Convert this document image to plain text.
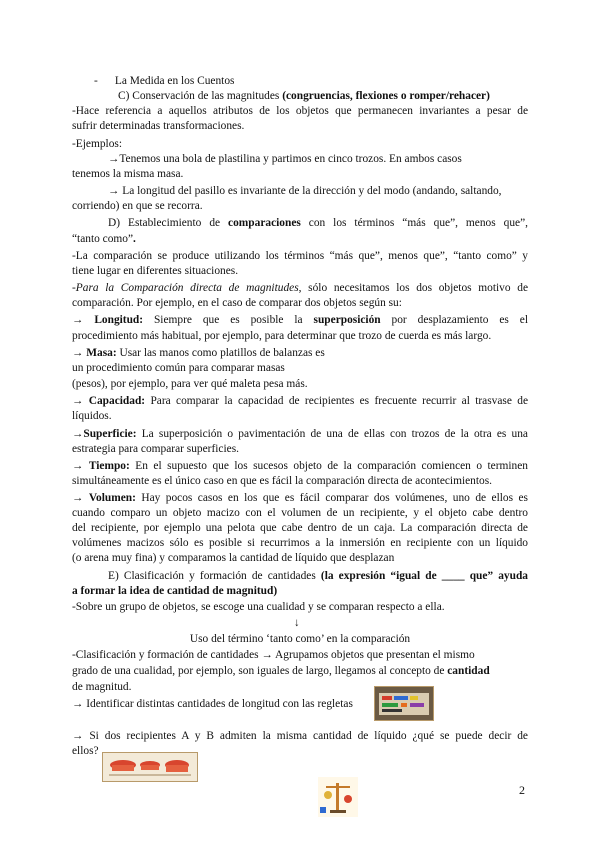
- La Medida en los Cuentos
C) Conservación de las magnitudes (congruencias, flexiones o romper/rehacer)
-Hace referencia a aquellos atributos de los objetos que permanecen invariantes a pesar de
sufrir determinadas transformaciones.
-Ejemplos:
→Tenemos una bola de plastilina y partimos en cinco trozos. En ambos casos
tenemos la misma masa.
→ La longitud del pasillo es invariante de la dirección y del modo (andando, saltando,
corriendo) en que se recorra.
D) Establecimiento de comparaciones con los términos “más que”, menos que”,
“tanto como”.
-La comparación se produce utilizando los términos “más que”, menos que”, “tanto como” y
tiene lugar en diferentes situaciones.
-Para la Comparación directa de magnitudes, sólo necesitamos los dos objetos motivo de
comparación. Por ejemplo, en el caso de comparar dos objetos según su:
→ Longitud: Siempre que es posible la superposición por desplazamiento es el
procedimiento más habitual, por ejemplo, para determinar que trozo de cuerda es más largo.
→ Masa: Usar las manos como platillos de balanzas es
un procedimiento común para comparar masas
(pesos), por ejemplo, para ver qué maleta pesa más.
→ Capacidad: Para comparar la capacidad de recipientes es frecuente recurrir al trasvase de
líquidos.
→Superficie: La superposición o pavimentación de una de ellas con trozos de la otra es una
estrategia para comparar superficies.
→ Tiempo: En el supuesto que los sucesos objeto de la comparación comiencen o terminen
simultáneamente es el único caso en que es fácil la comparación directa de acontecimientos.
→ Volumen: Hay pocos casos en los que es fácil comparar dos volúmenes, uno de ellos es
cuando comparo un objeto macizo con el volumen de un recipiente, y el objeto cabe dentro
del recipiente, por ejemplo una pelota que cabe dentro de un caja. La comparación directa de
volúmenes macizos sólo es posible si recurrimos a la inmersión en recipiente con un líquido
(o arena muy fina) y comparamos la cantidad de líquido que desplazan
E) Clasificación y formación de cantidades (la expresión “igual de ____ que” ayuda
a formar la idea de cantidad de magnitud)
-Sobre un grupo de objetos, se escoge una cualidad y se comparan respecto a ella.
↓
Uso del término ‘tanto como’ en la comparación
-Clasificación y formación de cantidades → Agrupamos objetos que presentan el mismo
grado de una cualidad, por ejemplo, son iguales de largo, llegamos al concepto de cantidad
de magnitud.
→ Identificar distintas cantidades de longitud con las regletas
→ Si dos recipientes A y B admiten la misma cantidad de líquido ¿qué se puede decir de
ellos?
2
